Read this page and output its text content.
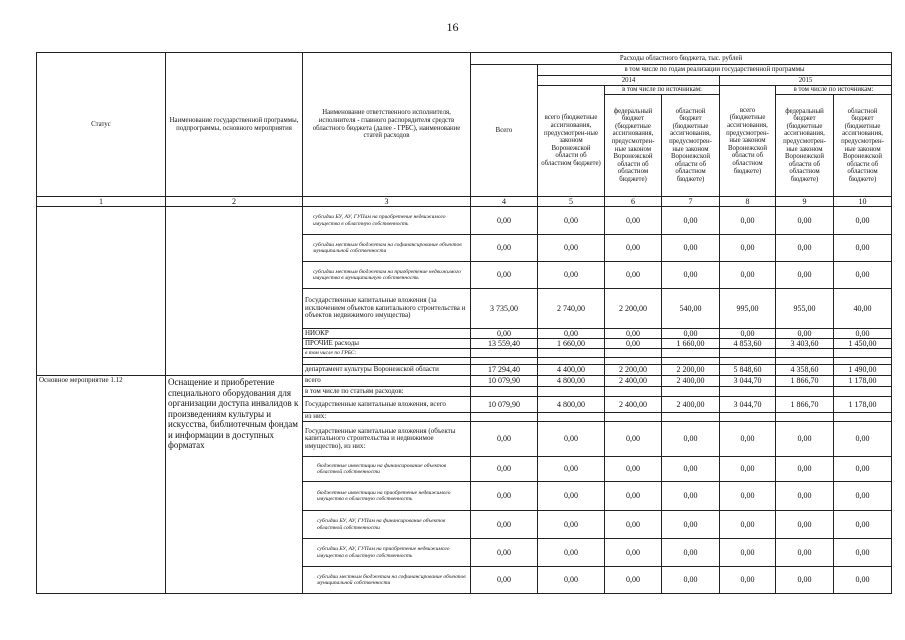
16
Статус	Наименование государственной программы, подпрограммы, основного мероприятия	Наименование ответственного исполнителя, исполнителя - главного распорядителя средств областного бюджета (далее - ГРБС), наименование статей расходов	Расходы областного бюджета, тыс. рублей						
			Всего	в том числе по годам реализации государственной программы					
				2014			2015		
				всего (бюджетные ассигнования, предусмотрен-ные законом Воронежской области об областном бюджете)	в том числе по источникам:		всего (бюджетные ассигнования, предусмотрен-ные законом Воронежской области об областном бюджете)	в том числе по источникам:	
					федеральный бюджет (бюджетные ассигнования, предусмотрен-ные законом Воронежской области об областном бюджете)	областной бюджет (бюджетные ассигнования, предусмотрен-ные законом Воронежской области об областном бюджете)		федеральный бюджет (бюджетные ассигнования, предусмотрен-ные законом Воронежской области об областном бюджете)	областной бюджет (бюджетные ассигнования, предусмотрен-ные законом Воронежской области об областном бюджете)
1	2	3	4	5	6	7	8	9	10
		субсидии БУ, АУ, ГУПам на приобретение недвижимого имущества в областную собственность	0,00	0,00	0,00	0,00	0,00	0,00	0,00
		субсидии местным бюджетам на софинансирование объектов муниципальной собственности	0,00	0,00	0,00	0,00	0,00	0,00	0,00
		субсидии местным бюджетам на приобретение недвижимого имущества в муниципальную собственность	0,00	0,00	0,00	0,00	0,00	0,00	0,00
		Государственные капитальные вложения (за исключением объектов капитального строительства и объектов недвижимого имущества)	3 735,00	2 740,00	2 200,00	540,00	995,00	955,00	40,00
		НИОКР	0,00	0,00	0,00	0,00	0,00	0,00	0,00
		ПРОЧИЕ расходы	13 559,40	1 660,00	0,00	1 660,00	4 853,60	3 403,60	1 450,00
		в том числе по ГРБС:							

		департамент культуры Воронежской области	17 294,40	4 400,00	2 200,00	2 200,00	5 848,60	4 358,60	1 490,00
Основное мероприятие 1.12	Оснащение и приобретение специального оборудования для организации доступа инвалидов к произведениям культуры и искусства, библиотечным фондам и информации в доступных форматах	всего	10 079,90	4 800,00	2 400,00	2 400,00	3 044,70	1 866,70	1 178,00
		в том числе по статьям расходов:							
		Государственные капитальные вложения, всего	10 079,90	4 800,00	2 400,00	2 400,00	3 044,70	1 866,70	1 178,00
		из них:							
		Государственные капитальные вложения (объекты капитального строительства и недвижимое имущество), из них:	0,00	0,00	0,00	0,00	0,00	0,00	0,00
		бюджетные инвестиции на финансирование объектов областной собственности	0,00	0,00	0,00	0,00	0,00	0,00	0,00
		бюджетные инвестиции на приобретение недвижимого имущества в областную собственность	0,00	0,00	0,00	0,00	0,00	0,00	0,00
		субсидии БУ, АУ, ГУПам на финансирование объектов областной собственности	0,00	0,00	0,00	0,00	0,00	0,00	0,00
		субсидии БУ, АУ, ГУПам на приобретение недвижимого имущества в областную собственность	0,00	0,00	0,00	0,00	0,00	0,00	0,00
		субсидии местным бюджетам на софинансирование объектов муниципальной собственности	0,00	0,00	0,00	0,00	0,00	0,00	0,00
